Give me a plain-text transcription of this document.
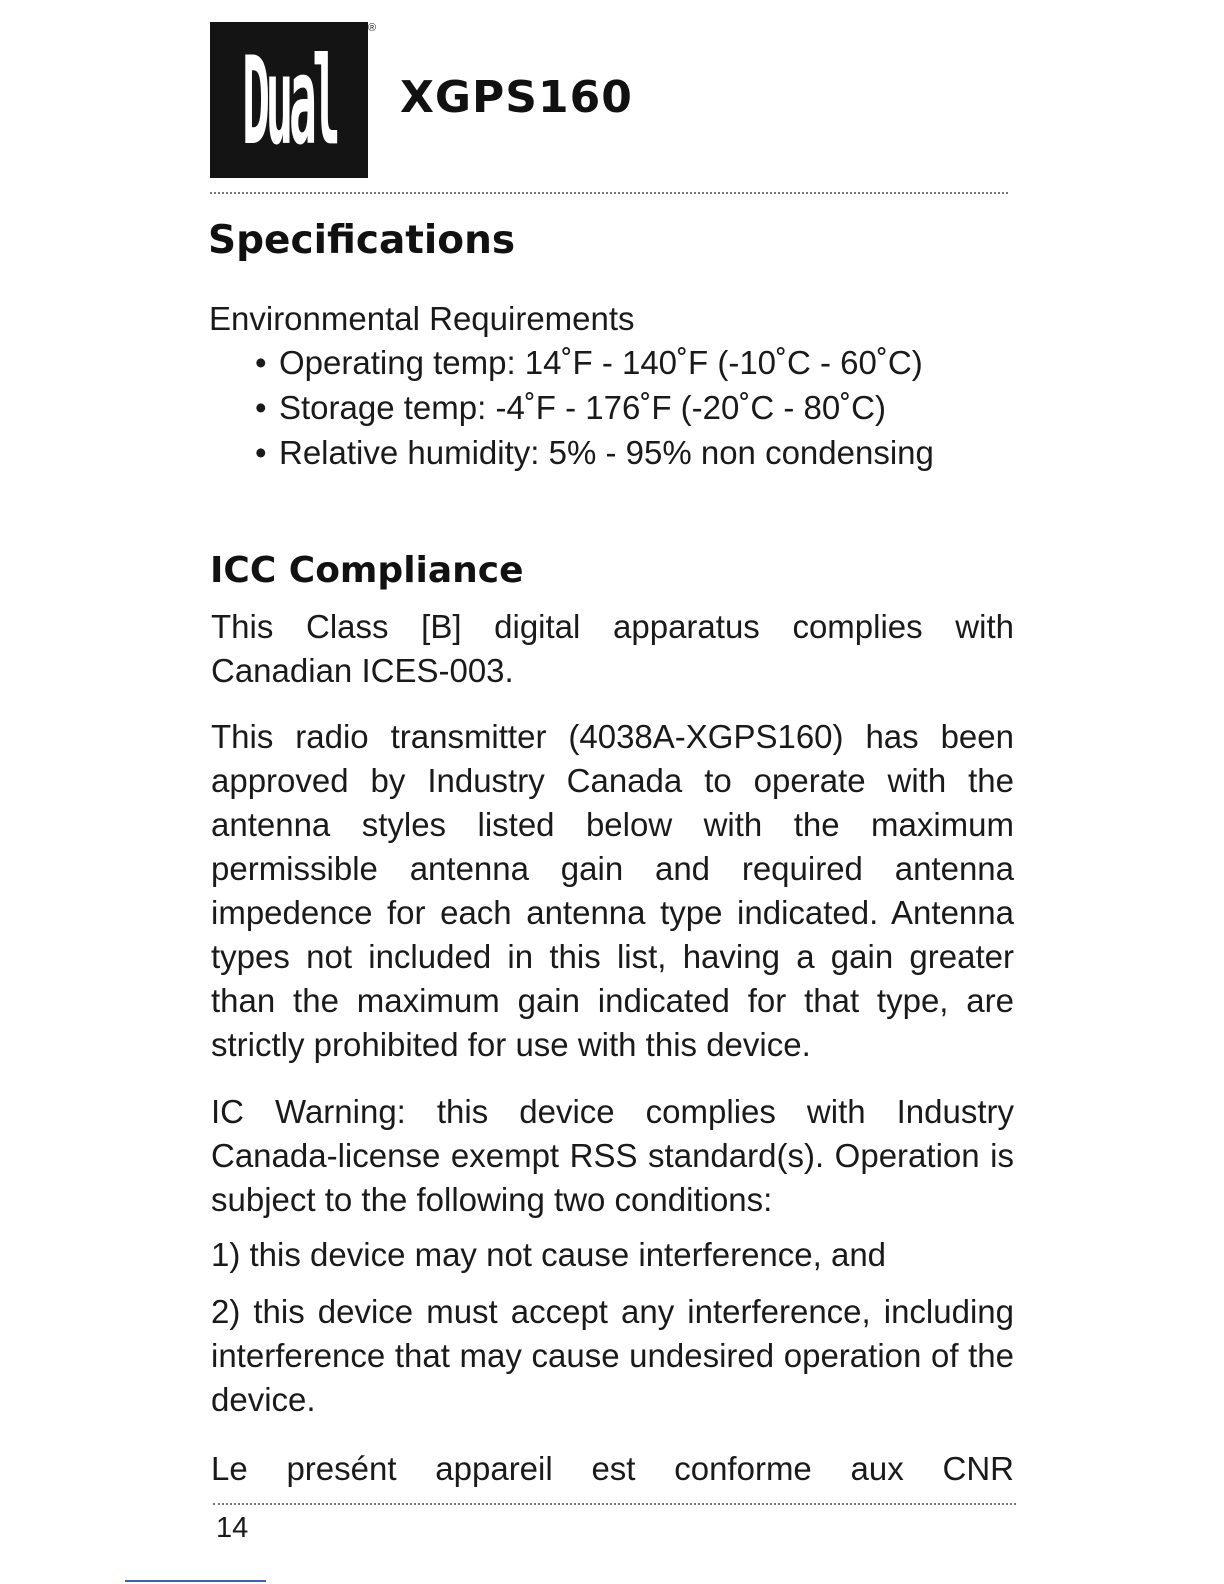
Dual
®
XGPS160
Specifications
Environmental Requirements
• Operating temp: 14˚F - 140˚F (-10˚C - 60˚C)
• Storage temp: -4˚F - 176˚F (-20˚C - 80˚C)
• Relative humidity: 5% - 95% non condensing
ICC Compliance

This Class [B] digital apparatus complies with Canadian ICES-003.

This radio transmitter (4038A-XGPS160) has been approved by Industry Canada to operate with the antenna styles listed below with the maximum permissible antenna gain and required antenna impedence for each antenna type indicated. Antenna types not included in this list, having a gain greater than the maximum gain indicated for that type, are strictly prohibited for use with this device.

IC Warning: this device complies with Industry Canada-license exempt RSS standard(s). Operation is subject to the following two conditions:

1) this device may not cause interference, and

2) this device must accept any interference, including interference that may cause undesired operation of the device.

Le presént appareil est conforme aux CNR

14
